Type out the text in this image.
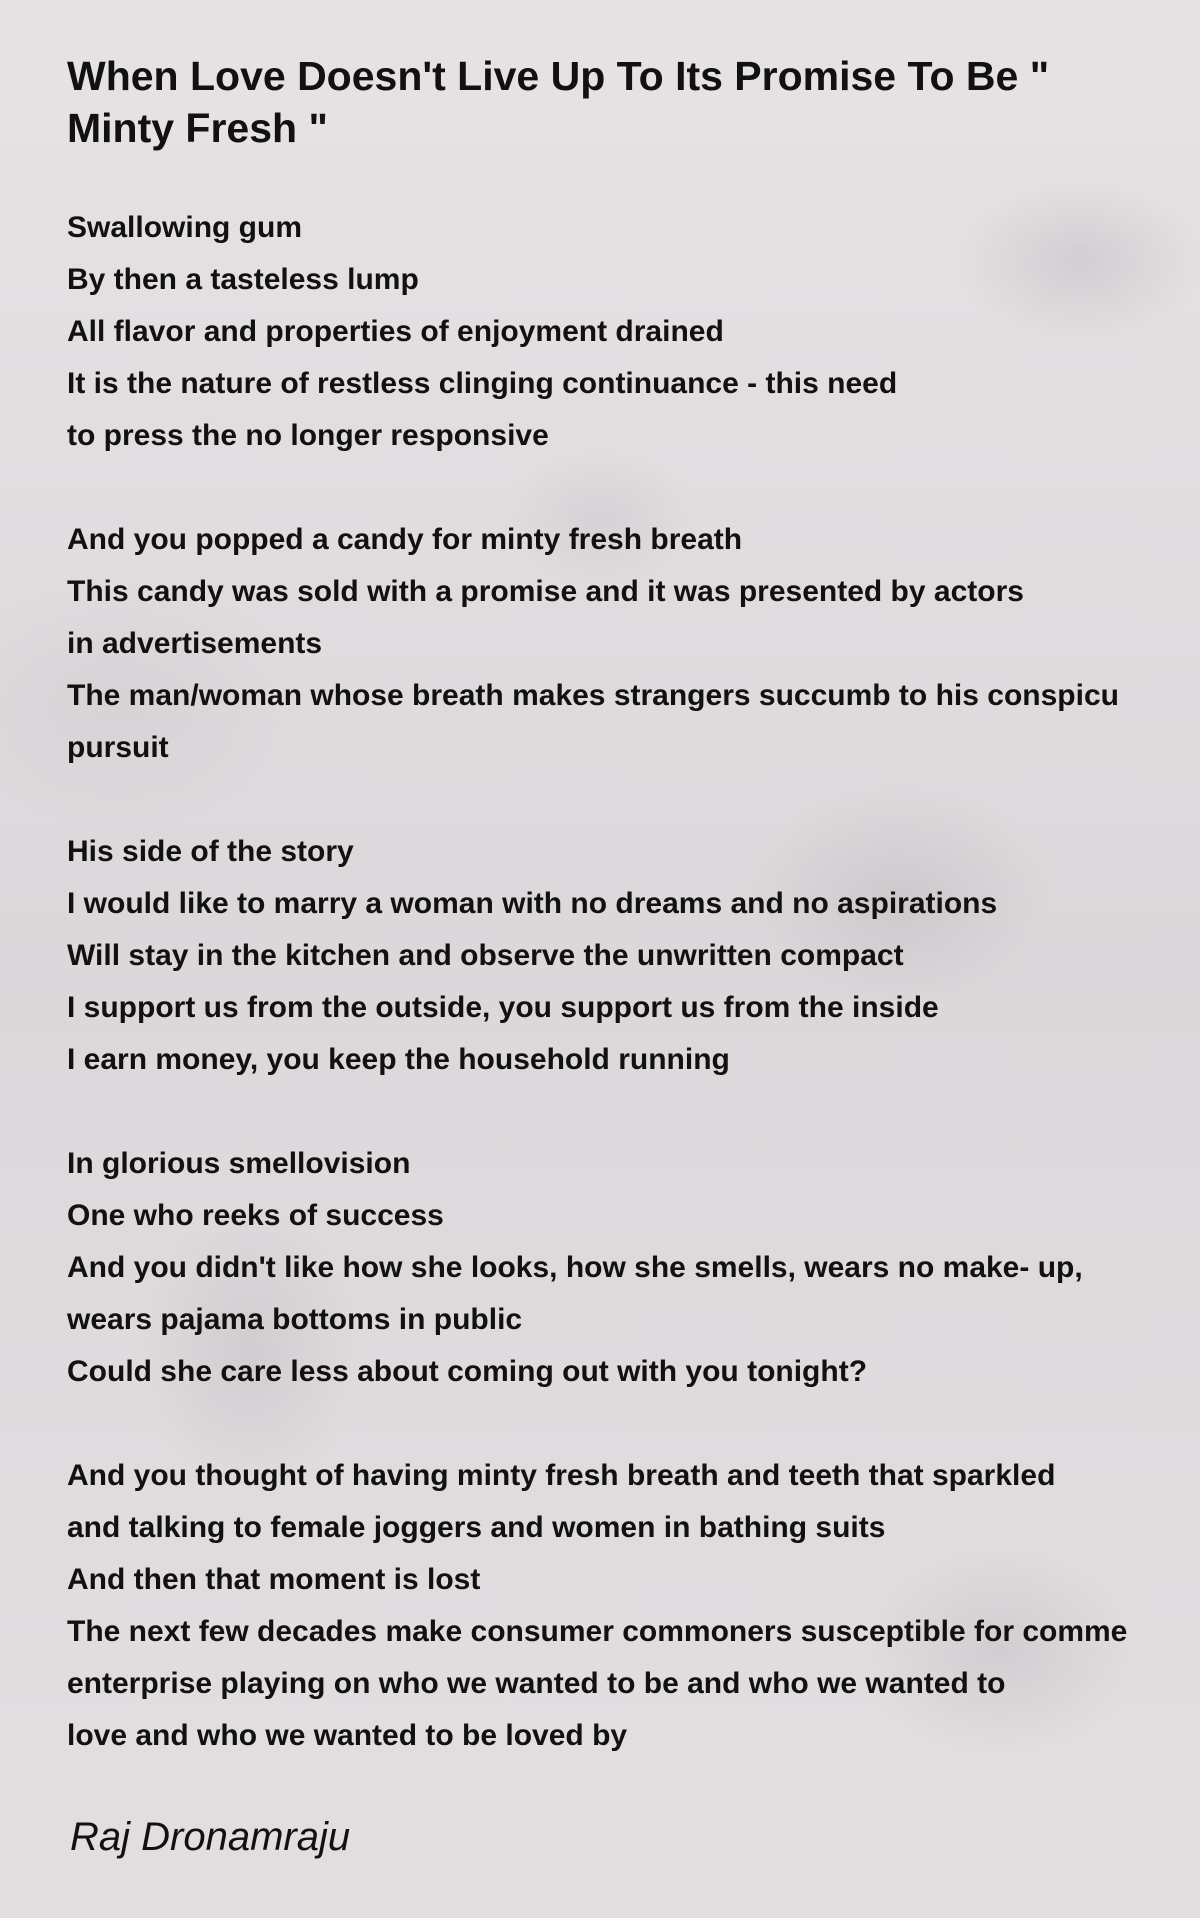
When Love Doesn't Live Up To Its Promise To Be " Minty Fresh "
Swallowing gum
By then a tasteless lump
All flavor and properties of enjoyment drained
It is the nature of restless clinging continuance - this need
to press the no longer responsive
And you popped a candy for minty fresh breath
This candy was sold with a promise and it was presented by actors
in advertisements
The man/woman whose breath makes strangers succumb to his conspicu
pursuit
His side of the story
I would like to marry a woman with no dreams and no aspirations
Will stay in the kitchen and observe the unwritten compact
I support us from the outside, you support us from the inside
I earn money, you keep the household running
In glorious smellovision
One who reeks of success
And you didn't like how she looks, how she smells, wears no make- up,
wears pajama bottoms in public
Could she care less about coming out with you tonight?
And you thought of having minty fresh breath and teeth that sparkled
and talking to female joggers and women in bathing suits
And then that moment is lost
The next few decades make consumer commoners susceptible for comme
enterprise playing on who we wanted to be and who we wanted to
love and who we wanted to be loved by
Raj Dronamraju
